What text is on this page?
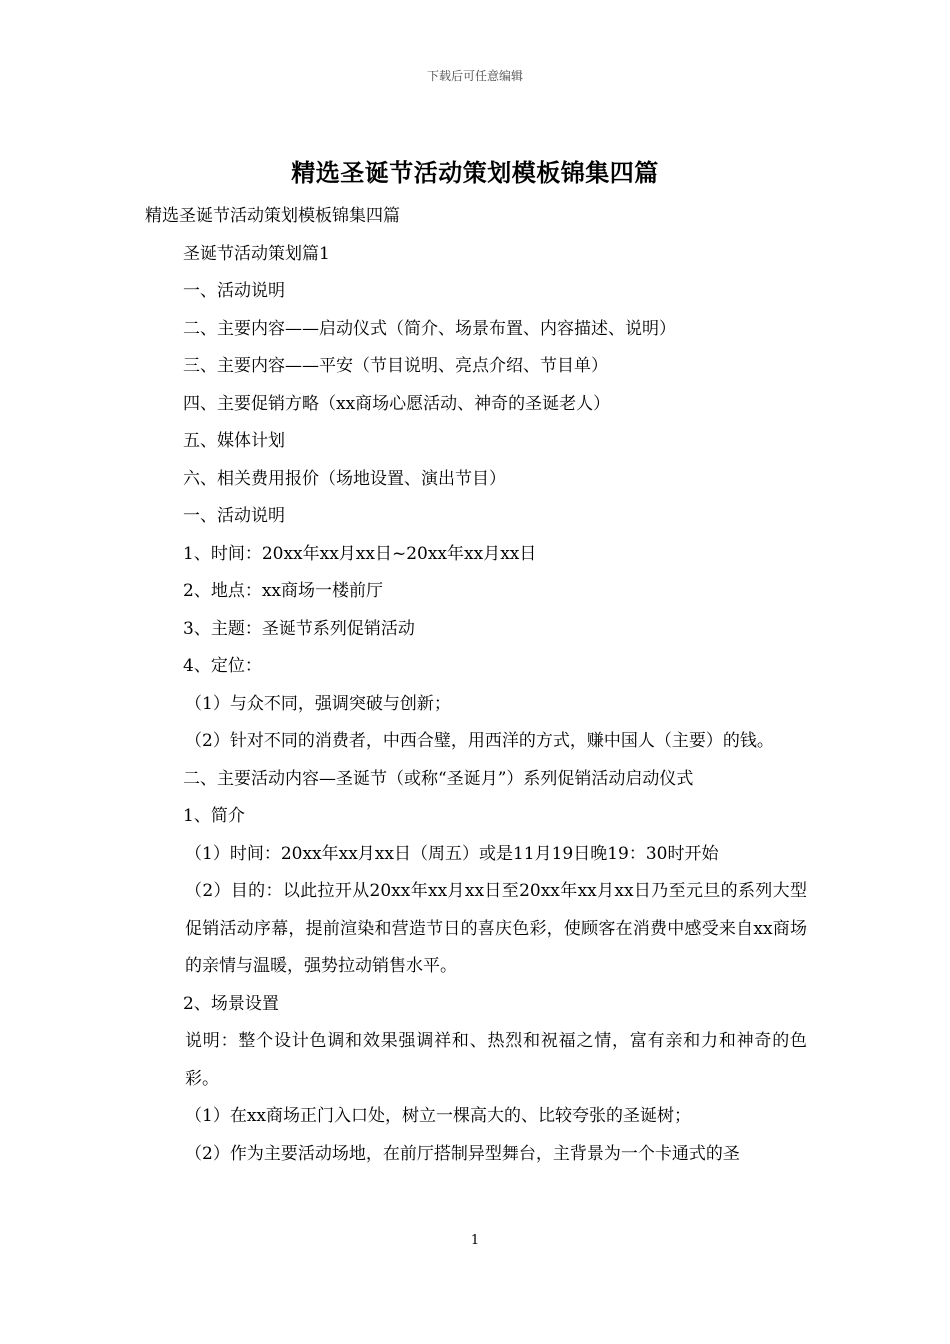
下载后可任意编辑
精选圣诞节活动策划模板锦集四篇
精选圣诞节活动策划模板锦集四篇
圣诞节活动策划篇1
一、活动说明
二、主要内容——启动仪式（简介、场景布置、内容描述、说明）
三、主要内容——平安（节目说明、亮点介绍、节目单）
四、主要促销方略（xx商场心愿活动、神奇的圣诞老人）
五、媒体计划
六、相关费用报价（场地设置、演出节目）
一、活动说明
1、时间：20xx年xx月xx日~20xx年xx月xx日
2、地点：xx商场一楼前厅
3、主题：圣诞节系列促销活动
4、定位：
（1）与众不同，强调突破与创新；
（2）针对不同的消费者，中西合璧，用西洋的方式，赚中国人（主要）的钱。
二、主要活动内容—圣诞节（或称“圣诞月”）系列促销活动启动仪式
1、简介
（1）时间：20xx年xx月xx日（周五）或是11月19日晚19：30时开始
（2）目的：以此拉开从20xx年xx月xx日至20xx年xx月xx日乃至元旦的系列大型促销活动序幕，提前渲染和营造节日的喜庆色彩，使顾客在消费中感受来自xx商场的亲情与温暖，强势拉动销售水平。
2、场景设置
说明：整个设计色调和效果强调祥和、热烈和祝福之情，富有亲和力和神奇的色彩。
（1）在xx商场正门入口处，树立一棵高大的、比较夸张的圣诞树；
（2）作为主要活动场地，在前厅搭制异型舞台，主背景为一个卡通式的圣
1
